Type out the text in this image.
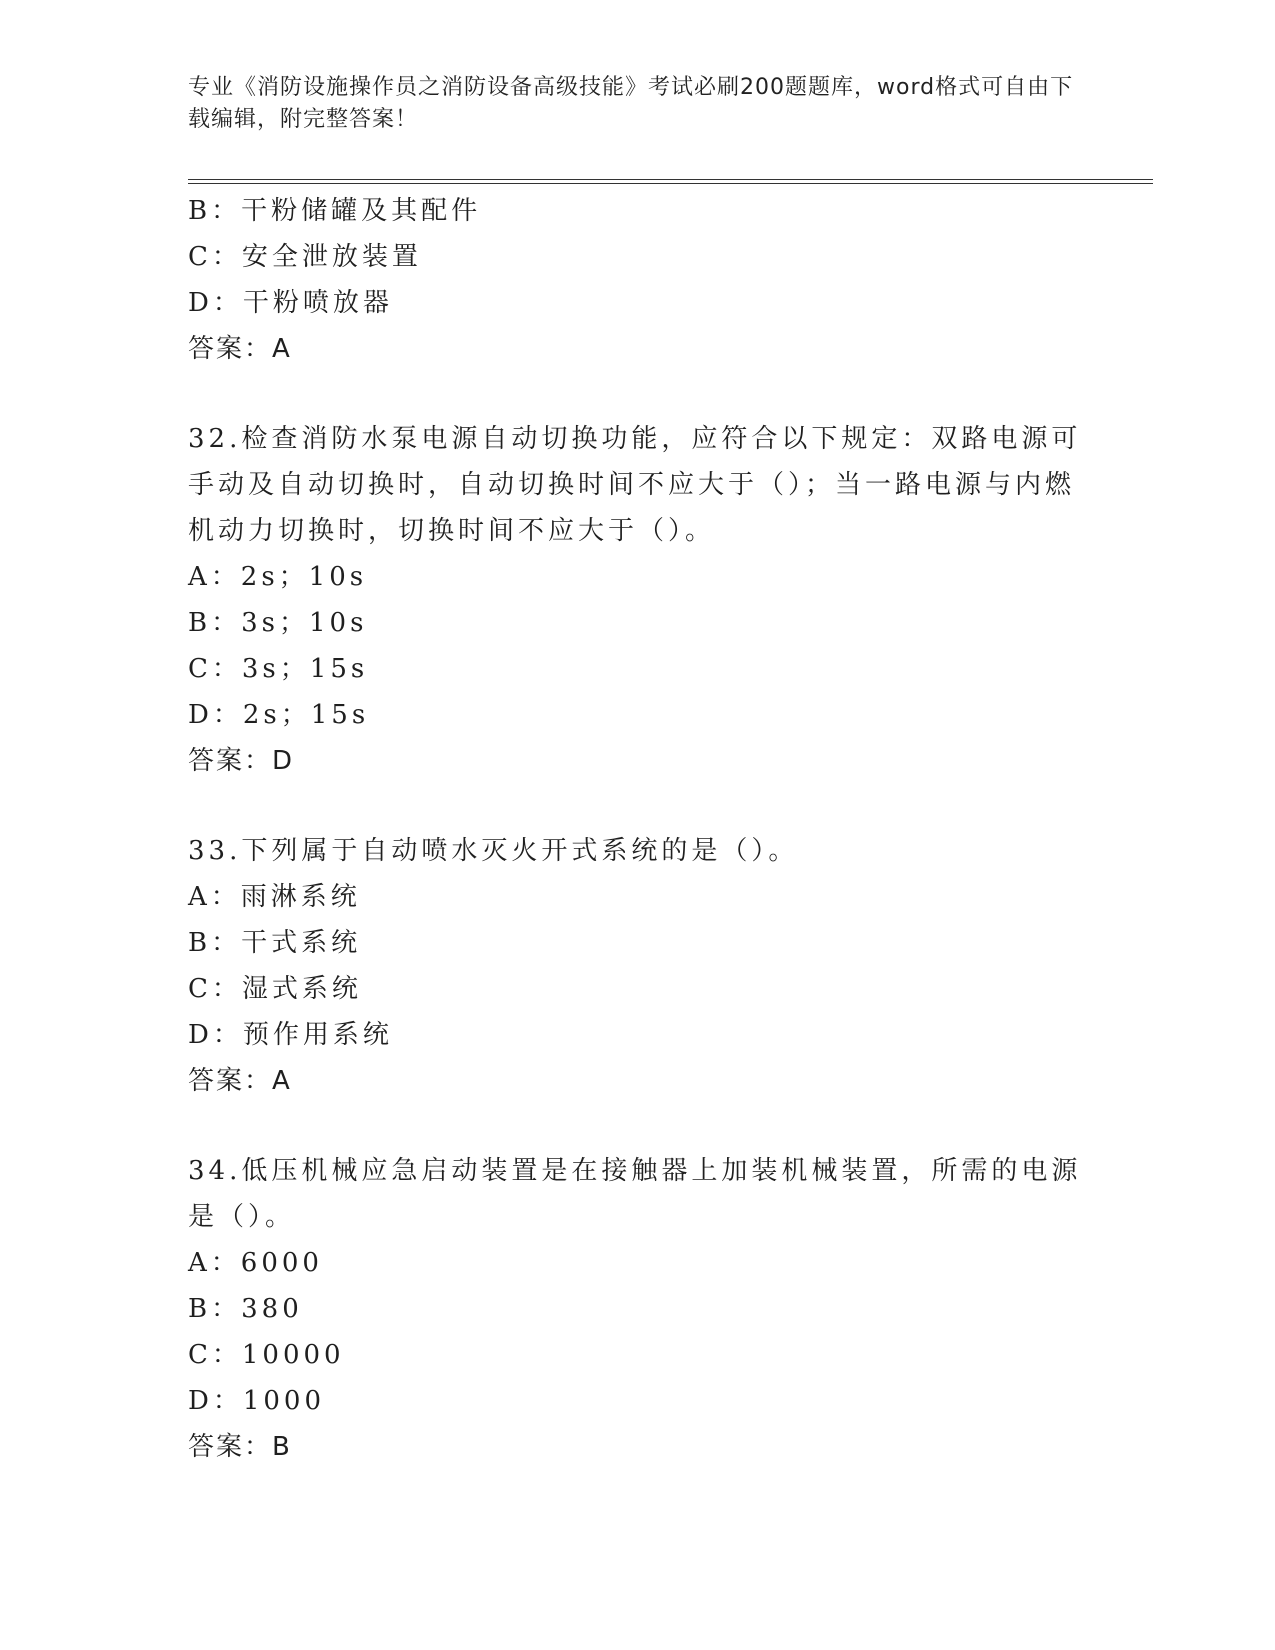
专业《消防设施操作员之消防设备高级技能》考试必刷200题题库，word格式可自由下载编辑，附完整答案！
B：干粉储罐及其配件
C：安全泄放装置
D：干粉喷放器
答案：A
32.检查消防水泵电源自动切换功能，应符合以下规定：双路电源可手动及自动切换时，自动切换时间不应大于（）；当一路电源与内燃机动力切换时，切换时间不应大于（）。
A：2s；10s
B：3s；10s
C：3s；15s
D：2s；15s
答案：D
33.下列属于自动喷水灭火开式系统的是（）。
A：雨淋系统
B：干式系统
C：湿式系统
D：预作用系统
答案：A
34.低压机械应急启动装置是在接触器上加装机械装置，所需的电源是（）。
A：6000
B：380
C：10000
D：1000
答案：B
